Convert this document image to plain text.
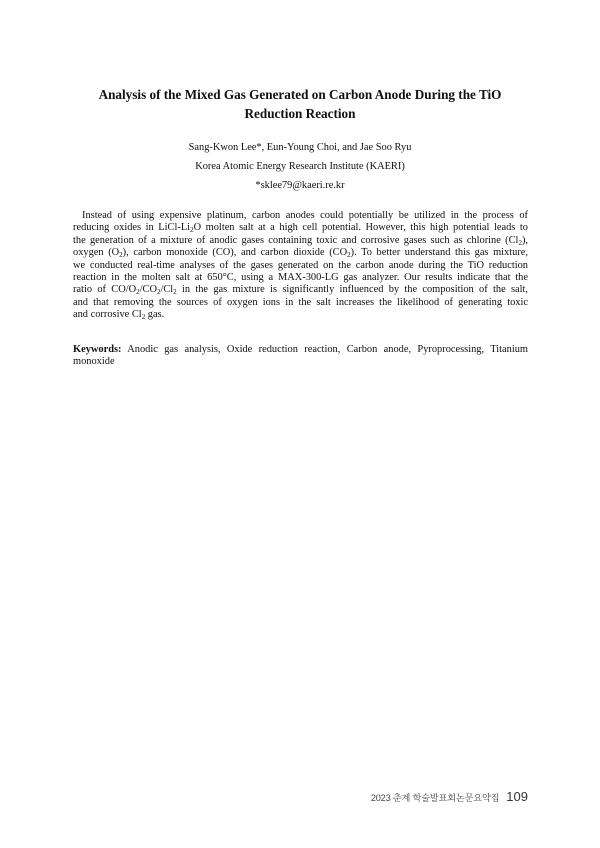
Analysis of the Mixed Gas Generated on Carbon Anode During the TiO
Reduction Reaction
Sang-Kwon Lee*, Eun-Young Choi, and Jae Soo Ryu
Korea Atomic Energy Research Institute (KAERI)
*sklee79@kaeri.re.kr
Instead of using expensive platinum, carbon anodes could potentially be utilized in the process of
reducing oxides in LiCl-$Li_2O$ molten salt at a high cell potential. However, this high potential leads to
the generation of a mixture of anodic gases containing toxic and corrosive gases such as chlorine $(Cl_2)$,
oxygen $(O_2)$, carbon monoxide (CO), and carbon dioxide $(CO_2)$. To better understand this gas mixture,
we conducted real-time analyses of the gases generated on the carbon anode during the TiO reduction
reaction in the molten salt at 650°C, using a MAX-300-LG gas analyzer. Our results indicate that the
ratio of $CO/O_2/CO_2/Cl_2$ in the gas mixture is significantly influenced by the composition of the salt,
and that removing the sources of oxygen ions in the salt increases the likelihood of generating toxic
and corrosive $Cl_2$ gas.
Keywords: Anodic gas analysis, Oxide reduction reaction, Carbon anode, Pyroprocessing, Titanium
monoxide
2023 춘계 학술발표회논문요약집 109
